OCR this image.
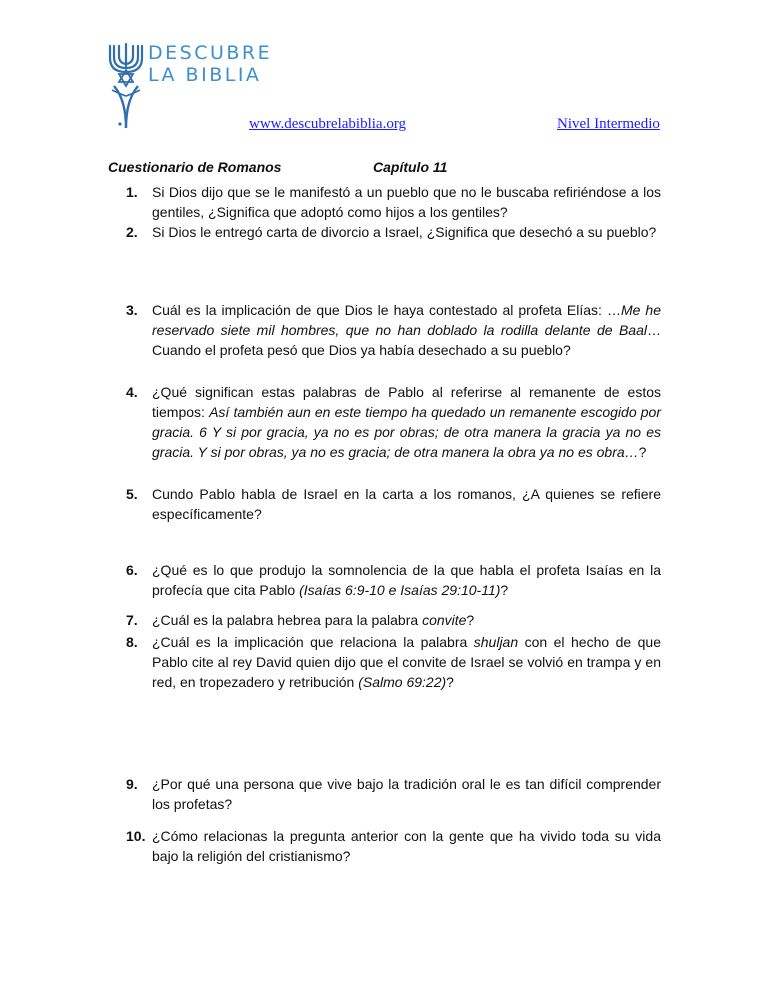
DESCUBRE
LA BIBLIA
www.descubrelabiblia.org	Nivel Intermedio
Cuestionario de Romanos	Capítulo 11
1. Si Dios dijo que se le manifestó a un pueblo que no le buscaba refiriéndose a los gentiles, ¿Significa que adoptó como hijos a los gentiles?
2. Si Dios le entregó carta de divorcio a Israel, ¿Significa que desechó a su pueblo?
3. Cuál es la implicación de que Dios le haya contestado al profeta Elías: …Me he reservado siete mil hombres, que no han doblado la rodilla delante de Baal…Cuando el profeta pesó que Dios ya había desechado a su pueblo?
4. ¿Qué significan estas palabras de Pablo al referirse al remanente de estos tiempos: Así también aun en este tiempo ha quedado un remanente escogido por gracia. 6 Y si por gracia, ya no es por obras; de otra manera la gracia ya no es gracia. Y si por obras, ya no es gracia; de otra manera la obra ya no es obra…?
5. Cundo Pablo habla de Israel en la carta a los romanos, ¿A quienes se refiere específicamente?
6. ¿Qué es lo que produjo la somnolencia de la que habla el profeta Isaías en la profecía que cita Pablo (Isaías 6:9-10 e Isaías 29:10-11)?
7. ¿Cuál es la palabra hebrea para la palabra convite?
8. ¿Cuál es la implicación que relaciona la palabra shuljan con el hecho de que Pablo cite al rey David quien dijo que el convite de Israel se volvió en trampa y en red, en tropezadero y retribución (Salmo 69:22)?
9. ¿Por qué una persona que vive bajo la tradición oral le es tan difícil comprender los profetas?
10. ¿Cómo relacionas la pregunta anterior con la gente que ha vivido toda su vida bajo la religión del cristianismo?
